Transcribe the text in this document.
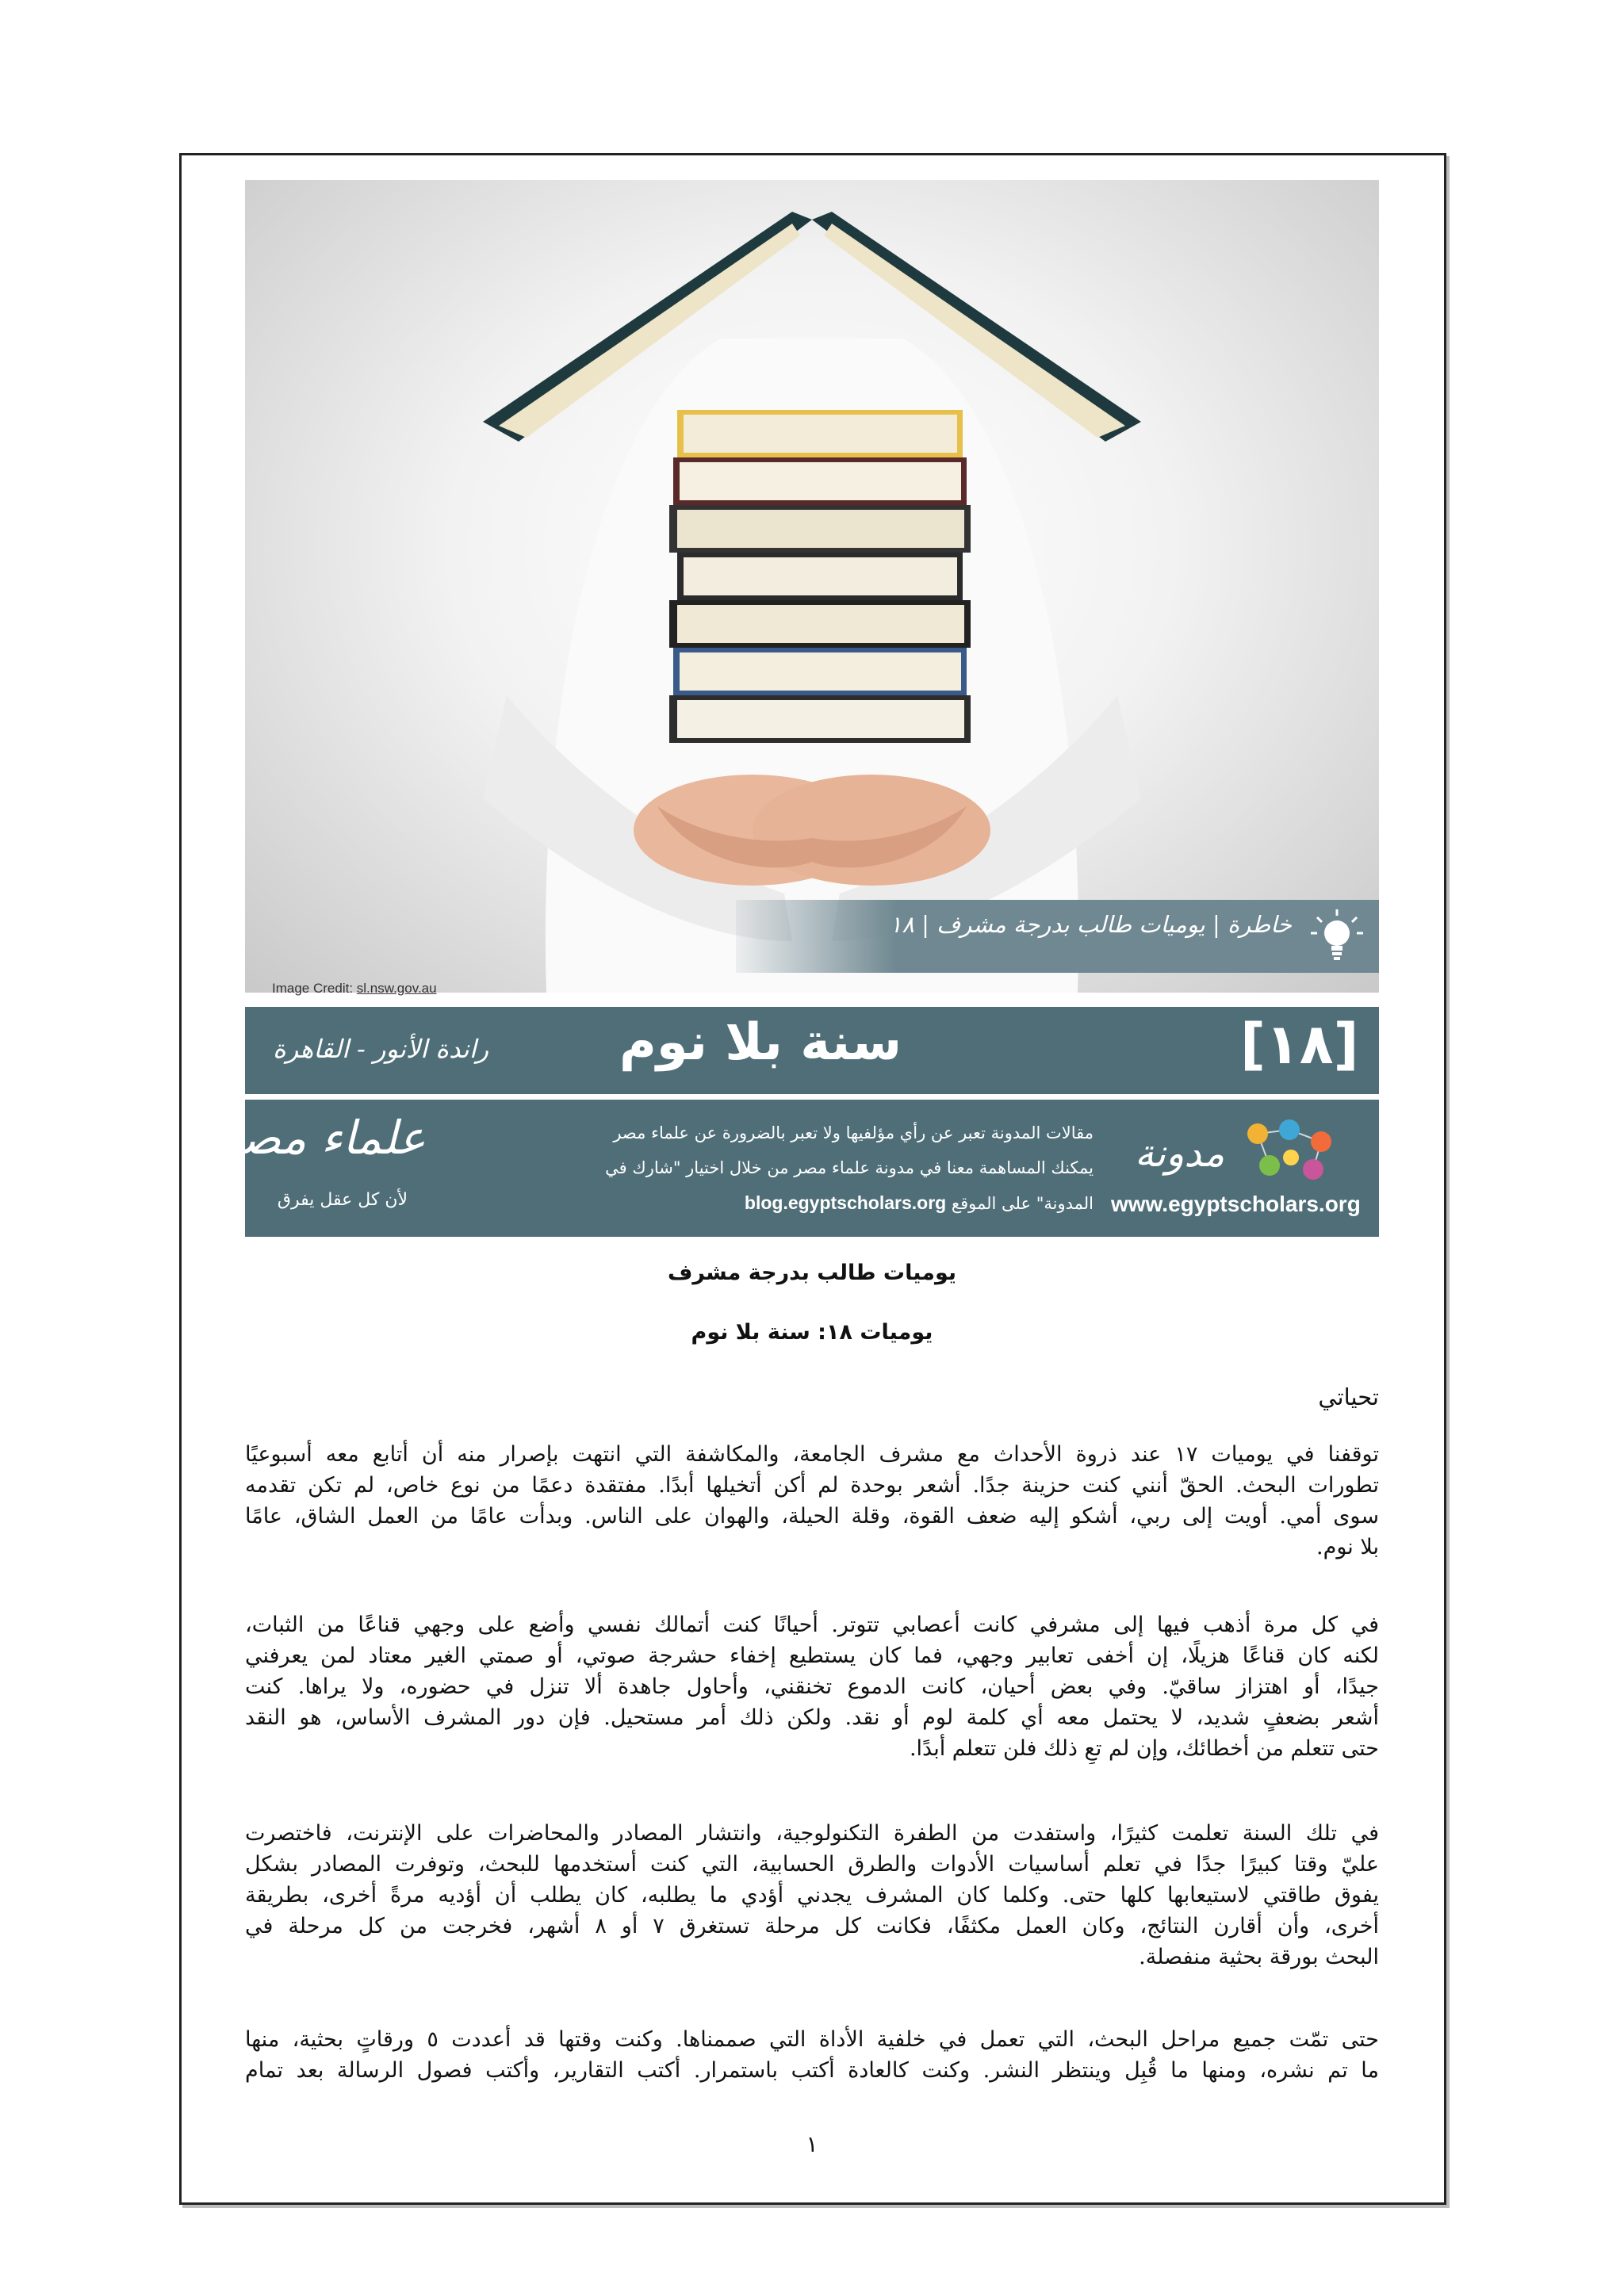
خاطرة | يوميات طالب بدرجة مشرف | ١٨
Image Credit: sl.nsw.gov.au
راندة الأنور - القاهرة	سنة بلا نوم	[١٨]
علماء مصر
لأن كل عقل يفرق
مقالات المدونة تعبر عن رأي مؤلفيها ولا تعبر بالضرورة عن علماء مصر
يمكنك المساهمة معنا في مدونة علماء مصر من خلال اختيار "شارك في
المدونة" على الموقع blog.egyptscholars.org
مدونة
www.egyptscholars.org
يوميات طالب بدرجة مشرف
يوميات ١٨: سنة بلا نوم
تحياتي
توقفنا في يوميات ١٧ عند ذروة الأحداث مع مشرف الجامعة، والمكاشفة التي انتهت بإصرار منه أن أتابع معه أسبوعيًا
تطورات البحث. الحقّ أنني كنت حزينة جدًا. أشعر بوحدة لم أكن أتخيلها أبدًا. مفتقدة دعمًا من نوع خاص، لم تكن تقدمه
سوى أمي. أويت إلى ربي، أشكو إليه ضعف القوة، وقلة الحيلة، والهوان على الناس. وبدأت عامًا من العمل الشاق، عامًا
بلا نوم.
في كل مرة أذهب فيها إلى مشرفي كانت أعصابي تتوتر. أحيانًا كنت أتمالك نفسي وأضع على وجهي قناعًا من الثبات،
لكنه كان قناعًا هزيلًا، إن أخفى تعابير وجهي، فما كان يستطيع إخفاء حشرجة صوتي، أو صمتي الغير معتاد لمن يعرفني
جيدًا، أو اهتزاز ساقيّ. وفي بعض أحيان، كانت الدموع تخنقني، وأحاول جاهدة ألا تنزل في حضوره، ولا يراها. كنت
أشعر بضعفٍ شديد، لا يحتمل معه أي كلمة لوم أو نقد. ولكن ذلك أمر مستحيل. فإن دور المشرف الأساس، هو النقد
حتى تتعلم من أخطائك، وإن لم تعِ ذلك فلن تتعلم أبدًا.
في تلك السنة تعلمت كثيرًا، واستفدت من الطفرة التكنولوجية، وانتشار المصادر والمحاضرات على الإنترنت، فاختصرت
عليّ وقتا كبيرًا جدًا في تعلم أساسيات الأدوات والطرق الحسابية، التي كنت أستخدمها للبحث، وتوفرت المصادر بشكل
يفوق طاقتي لاستيعابها كلها حتى. وكلما كان المشرف يجدني أؤدي ما يطلبه، كان يطلب أن أؤديه مرةً أخرى، بطريقة
أخرى، وأن أقارن النتائج، وكان العمل مكثفًا، فكانت كل مرحلة تستغرق ٧ أو ٨ أشهر، فخرجت من كل مرحلة في
البحث بورقة بحثية منفصلة.
حتى تمّت جميع مراحل البحث، التي تعمل في خلفية الأداة التي صممناها. وكنت وقتها قد أعددت ٥ ورقاتٍ بحثية، منها
ما تم نشره، ومنها ما قُبِل وينتظر النشر. وكنت كالعادة أكتب باستمرار. أكتب التقارير، وأكتب فصول الرسالة بعد تمام
١
